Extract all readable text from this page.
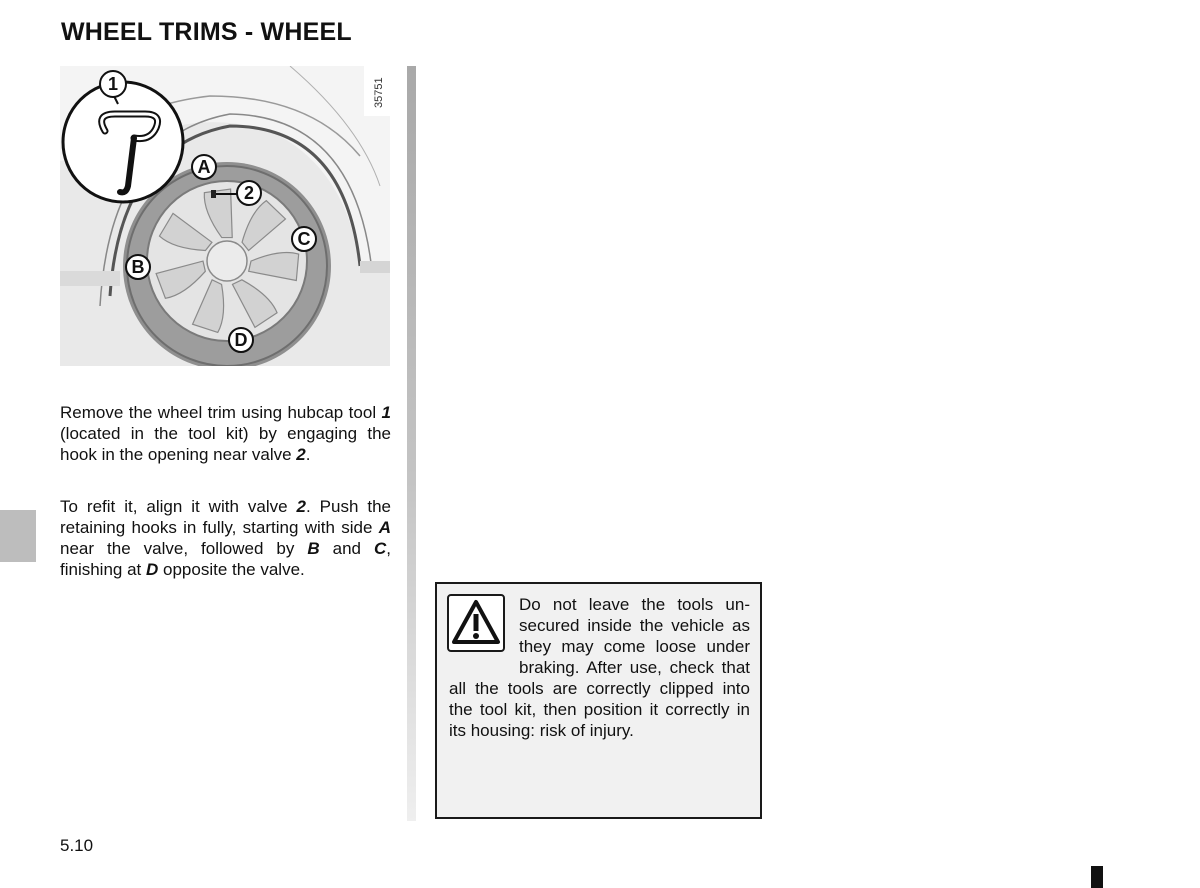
WHEEL TRIMS - WHEEL
35751
1
A
2
C
B
D

Remove the wheel trim using hubcap tool 1 (located in the tool kit) by engaging the hook in the opening near valve 2.

To refit it, align it with valve 2. Push the retaining hooks in fully, starting with side A near the valve, followed by B and C, finishing at D opposite the valve.

Do not leave the tools unsecured inside the vehicle as they may come loose under braking. After use, check that all the tools are correctly clipped into the tool kit, then position it correctly in its housing: risk of injury.

5.10
